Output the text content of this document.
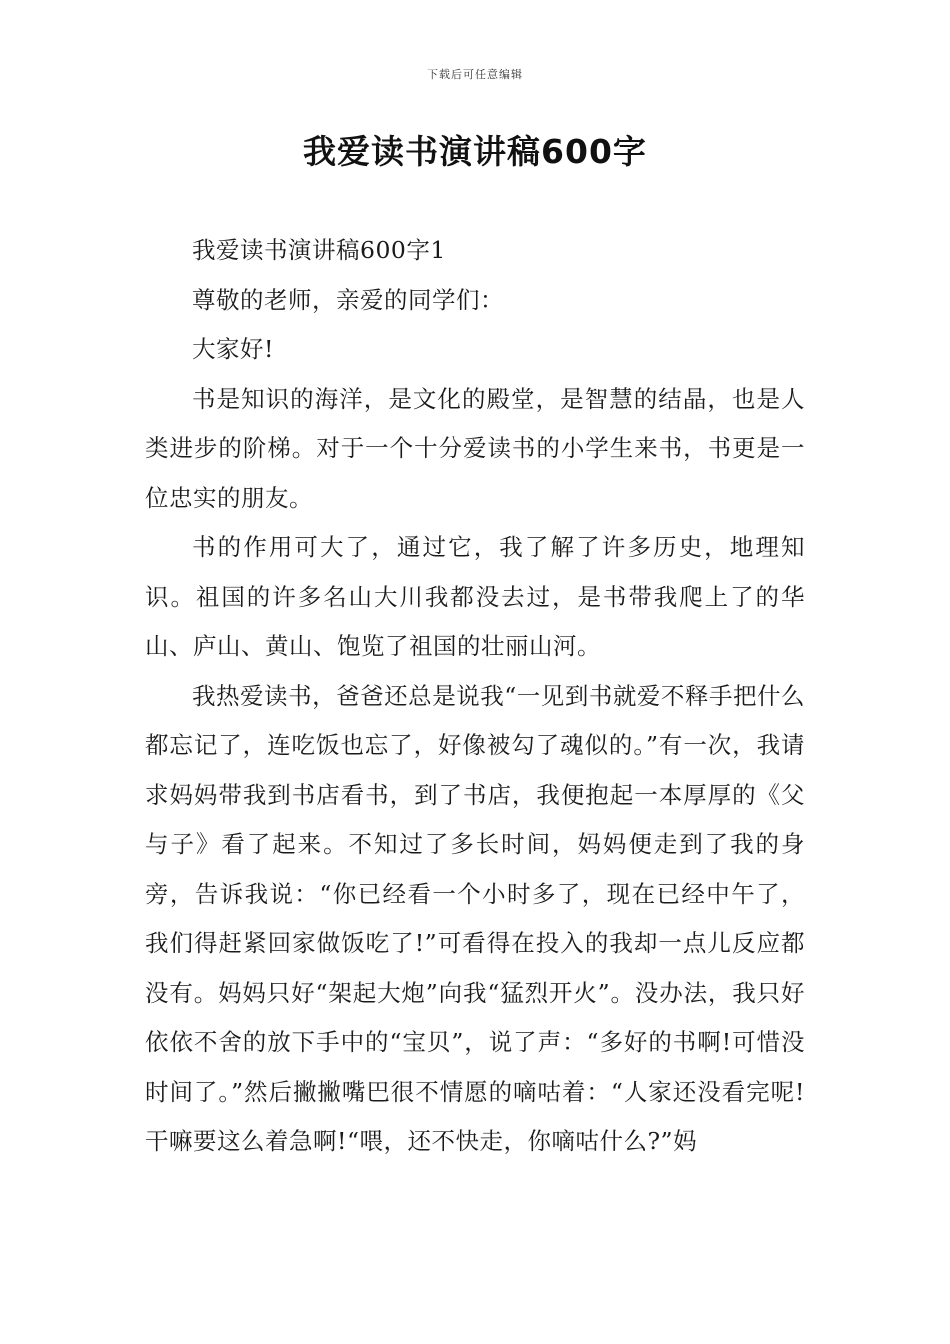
下载后可任意编辑
我爱读书演讲稿600字

我爱读书演讲稿600字1

尊敬的老师，亲爱的同学们：

大家好!

书是知识的海洋，是文化的殿堂，是智慧的结晶，也是人类进步的阶梯。对于一个十分爱读书的小学生来书，书更是一位忠实的朋友。

书的作用可大了，通过它，我了解了许多历史，地理知识。祖国的许多名山大川我都没去过，是书带我爬上了的华山、庐山、黄山、饱览了祖国的壮丽山河。

我热爱读书，爸爸还总是说我“一见到书就爱不释手把什么都忘记了，连吃饭也忘了，好像被勾了魂似的。”有一次，我请求妈妈带我到书店看书，到了书店，我便抱起一本厚厚的《父与子》看了起来。不知过了多长时间，妈妈便走到了我的身旁，告诉我说：“你已经看一个小时多了，现在已经中午了，我们得赶紧回家做饭吃了!”可看得在投入的我却一点儿反应都没有。妈妈只好“架起大炮”向我“猛烈开火”。没办法，我只好依依不舍的放下手中的“宝贝”，说了声：“多好的书啊!可惜没时间了。”然后撇撇嘴巴很不情愿的嘀咕着：“人家还没看完呢!干嘛要这么着急啊!“喂，还不快走，你嘀咕什么?”妈
